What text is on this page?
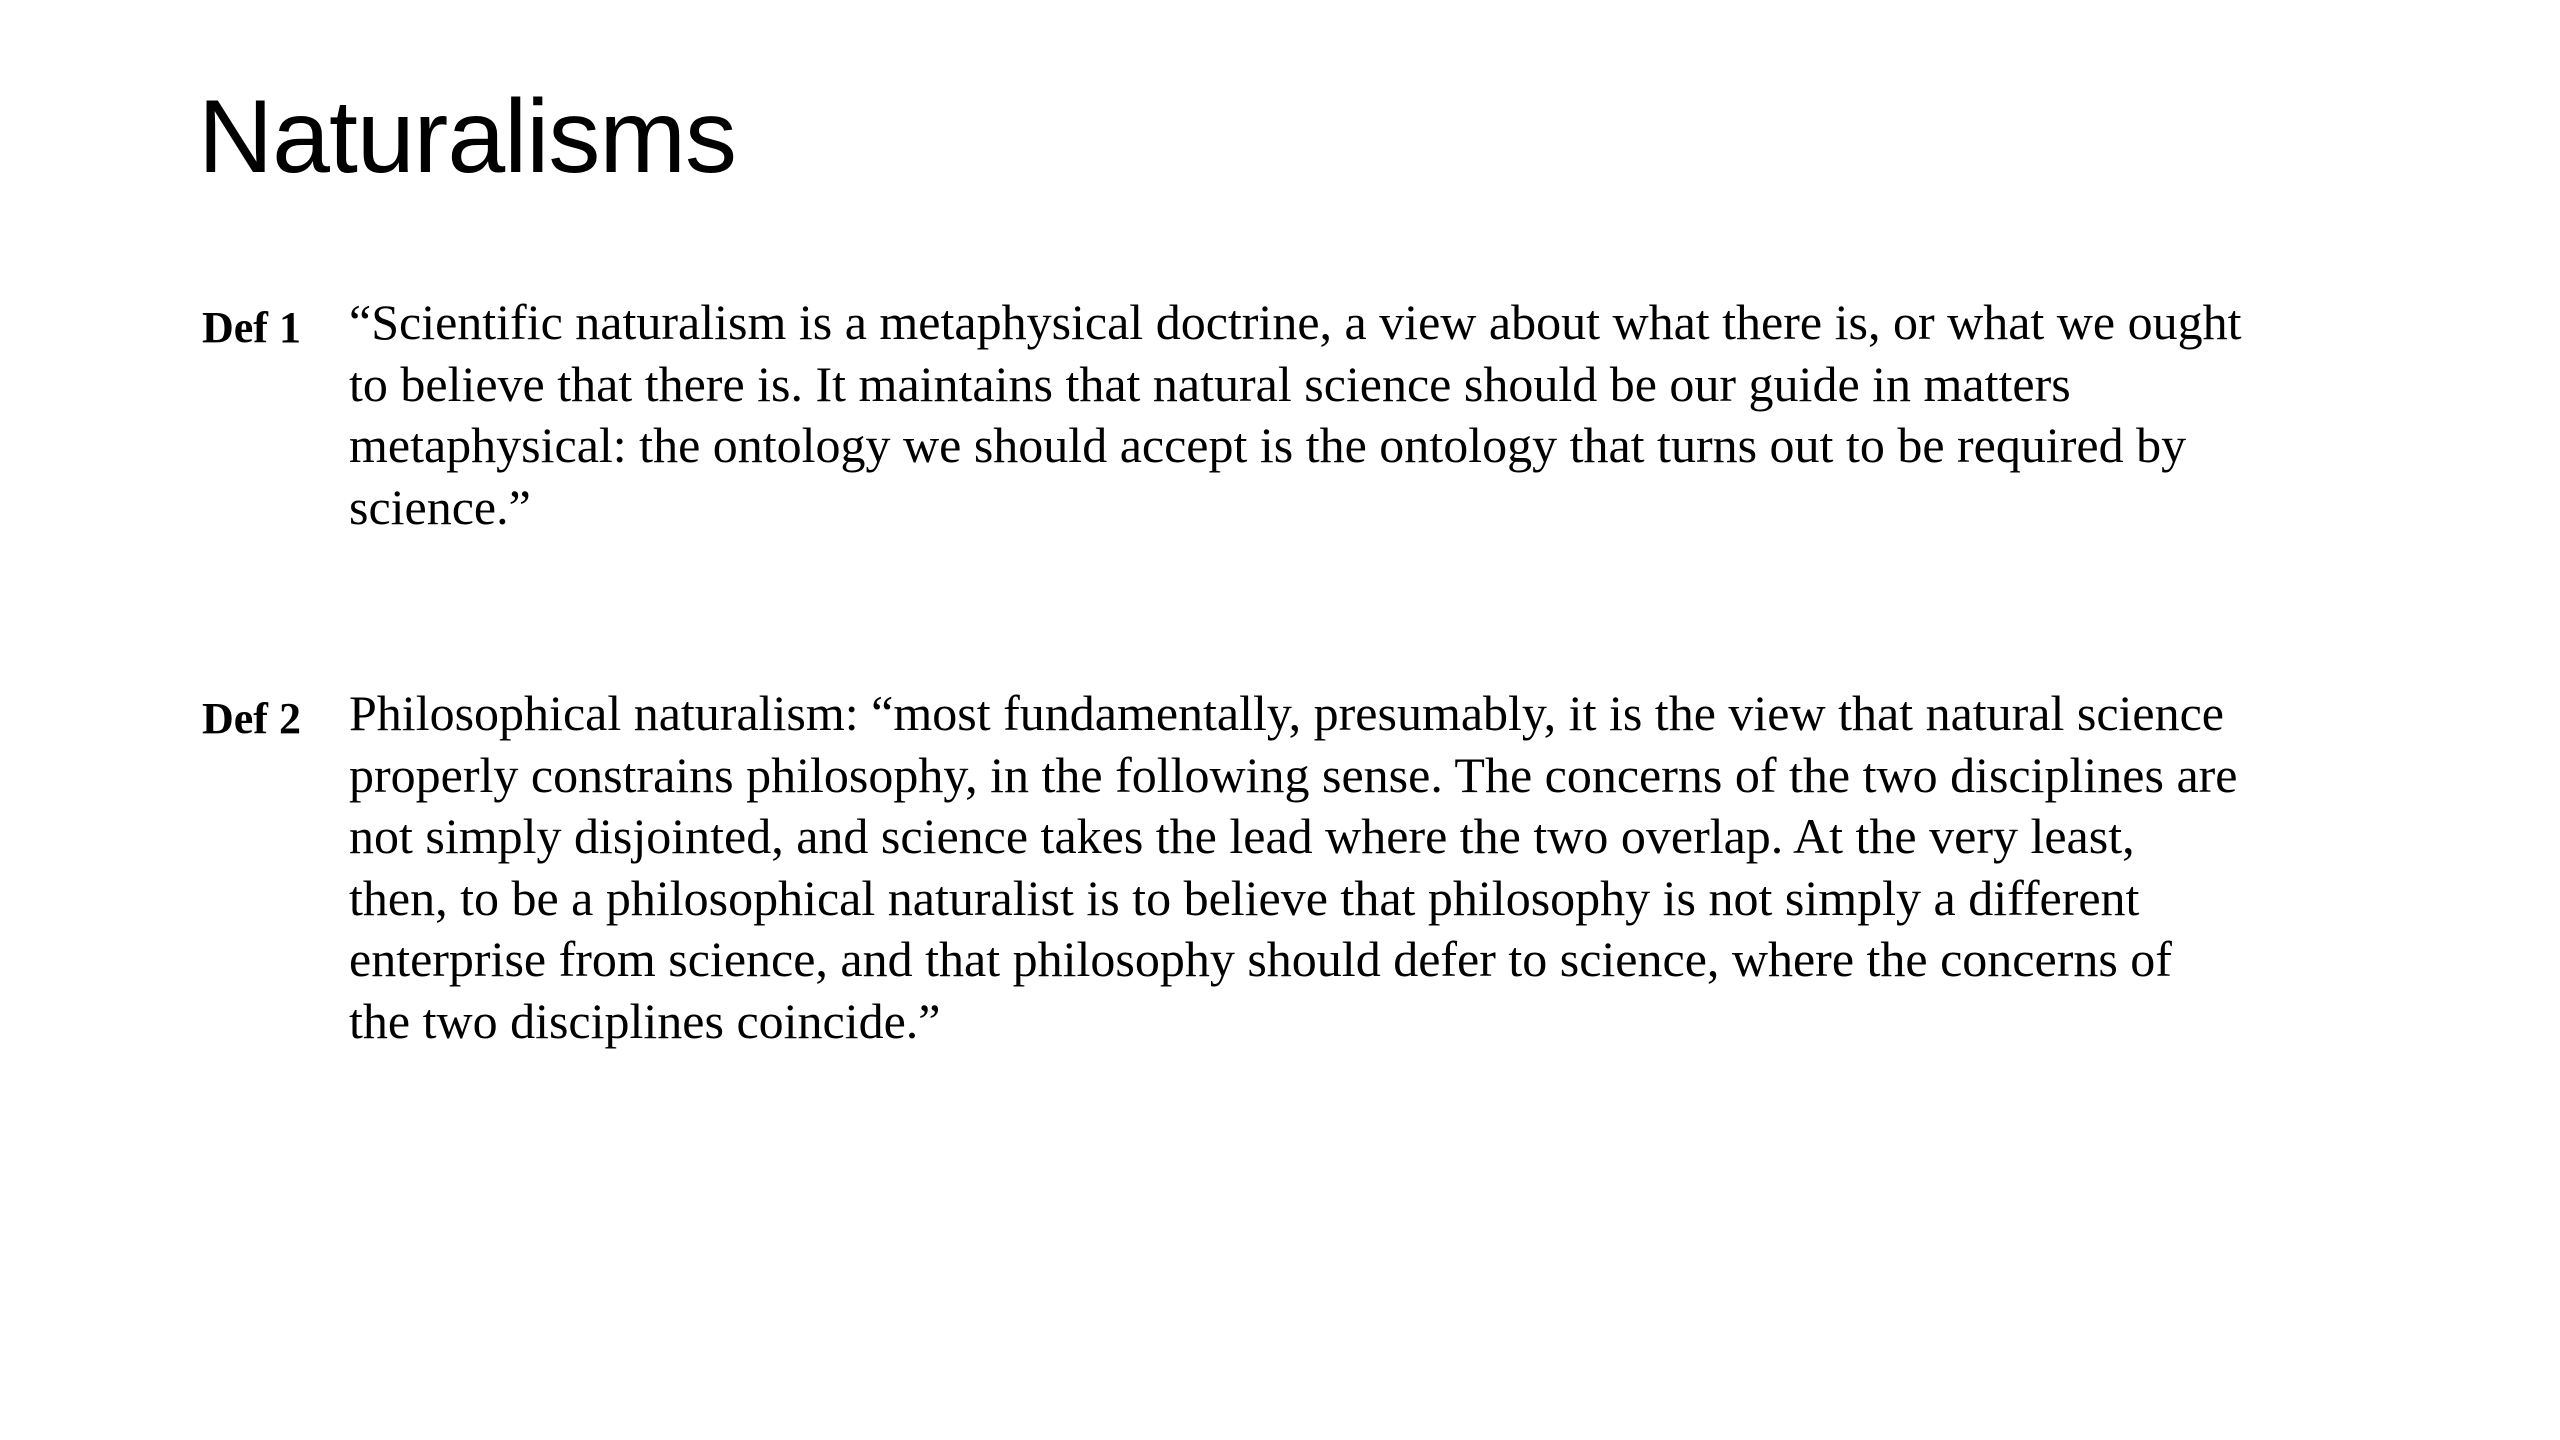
Naturalisms
Def 1 “Scientific naturalism is a metaphysical doctrine, a view about what there is, or what we ought
to believe that there is. It maintains that natural science should be our guide in matters
metaphysical: the ontology we should accept is the ontology that turns out to be required by
science.”

Def 2 Philosophical naturalism: “most fundamentally, presumably, it is the view that natural science
properly constrains philosophy, in the following sense. The concerns of the two disciplines are
not simply disjointed, and science takes the lead where the two overlap. At the very least,
then, to be a philosophical naturalist is to believe that philosophy is not simply a different
enterprise from science, and that philosophy should defer to science, where the concerns of
the two disciplines coincide.”
